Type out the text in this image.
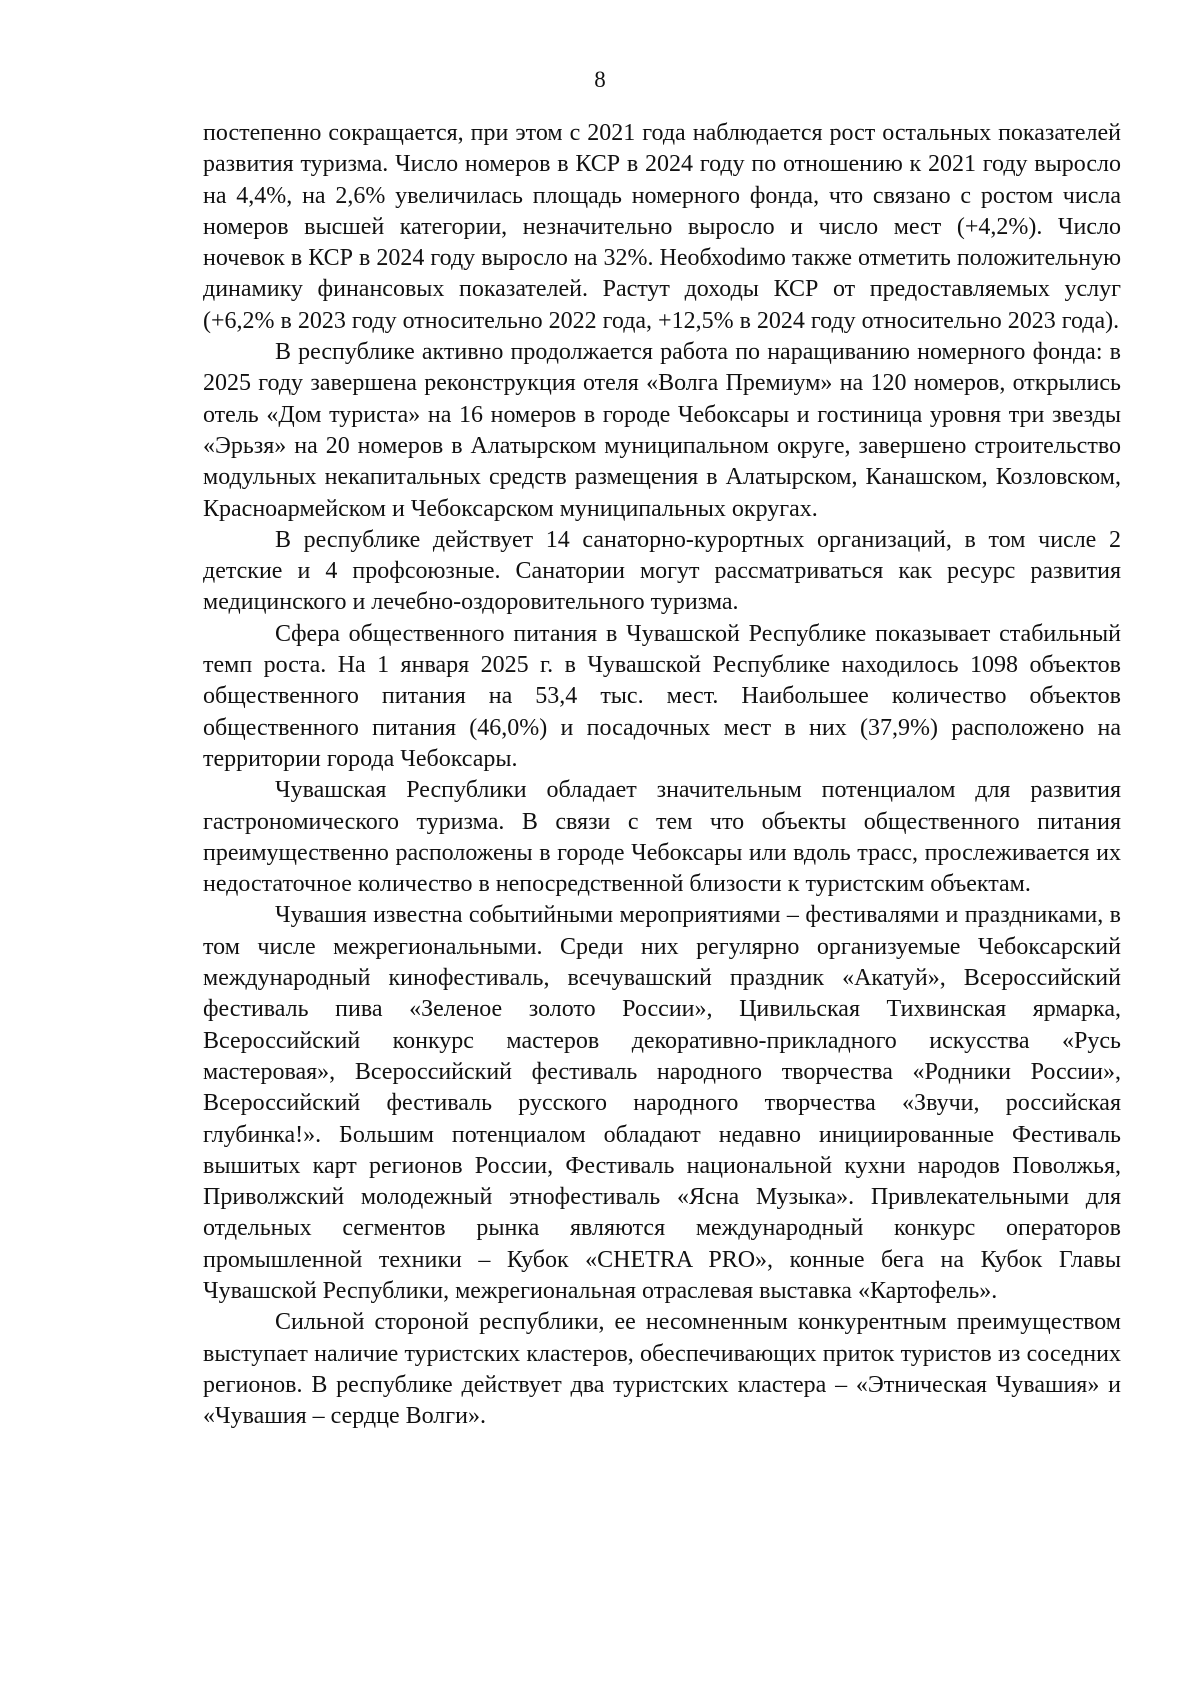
8

постепенно сокращается, при этом с 2021 года наблюдается рост остальных показателей развития туризма. Число номеров в КСР в 2024 году по отношению к 2021 году выросло на 4,4%, на 2,6% увеличилась площадь номерного фонда, что связано с ростом числа номеров высшей категории, незначительно выросло и число мест (+4,2%). Число ночевок в КСР в 2024 году выросло на 32%. Необхоdимо также отметить положительную динамику финансовых показателей. Растут доходы КСР от предоставляемых услуг (+6,2% в 2023 году относительно 2022 года, +12,5% в 2024 году относительно 2023 года).

В республике активно продолжается работа по наращиванию номерного фонда: в 2025 году завершена реконструкция отеля «Волга Премиум» на 120 номеров, открылись отель «Дом туриста» на 16 номеров в городе Чебоксары и гостиница уровня три звезды «Эрьзя» на 20 номеров в Алатырском муниципальном округе, завершено строительство модульных некапитальных средств размещения в Алатырском, Канашском, Козловском, Красноармейском и Чебоксарском муниципальных округах.

В республике действует 14 санаторно-курортных организаций, в том числе 2 детские и 4 профсоюзные. Санатории могут рассматриваться как ресурс развития медицинского и лечебно-оздоровительного туризма.

Сфера общественного питания в Чувашской Республике показывает стабильный темп роста. На 1 января 2025 г. в Чувашской Республике находилось 1098 объектов общественного питания на 53,4 тыс. мест. Наибольшее количество объектов общественного питания (46,0%) и посадочных мест в них (37,9%) расположено на территории города Чебоксары.

Чувашская Республики обладает значительным потенциалом для развития гастрономического туризма. В связи с тем что объекты общественного питания преимущественно расположены в городе Чебоксары или вдоль трасс, прослеживается их недостаточное количество в непосредственной близости к туристским объектам.

Чувашия известна событийными мероприятиями – фестивалями и праздниками, в том числе межрегиональными. Среди них регулярно организуемые Чебоксарский международный кинофестиваль, всечувашский праздник «Акатуй», Всероссийский фестиваль пива «Зеленое золото России», Цивильская Тихвинская ярмарка, Всероссийский конкурс мастеров декоративно-прикладного искусства «Русь мастеровая», Всероссийский фестиваль народного творчества «Родники России», Всероссийский фестиваль русского народного творчества «Звучи, российская глубинка!». Большим потенциалом обладают недавно инициированные Фестиваль вышитых карт регионов России, Фестиваль национальной кухни народов Поволжья, Приволжский молодежный этнофестиваль «Ясна Музыка». Привлекательными для отдельных сегментов рынка являются международный конкурс операторов промышленной техники – Кубок «CHETRA PRO», конные бега на Кубок Главы Чувашской Республики, межрегиональная отраслевая выставка «Картофель».

Сильной стороной республики, ее несомненным конкурентным преимуществом выступает наличие туристских кластеров, обеспечивающих приток туристов из соседних регионов. В республике действует два туристских кластера – «Этническая Чувашия» и «Чувашия – сердце Волги».
